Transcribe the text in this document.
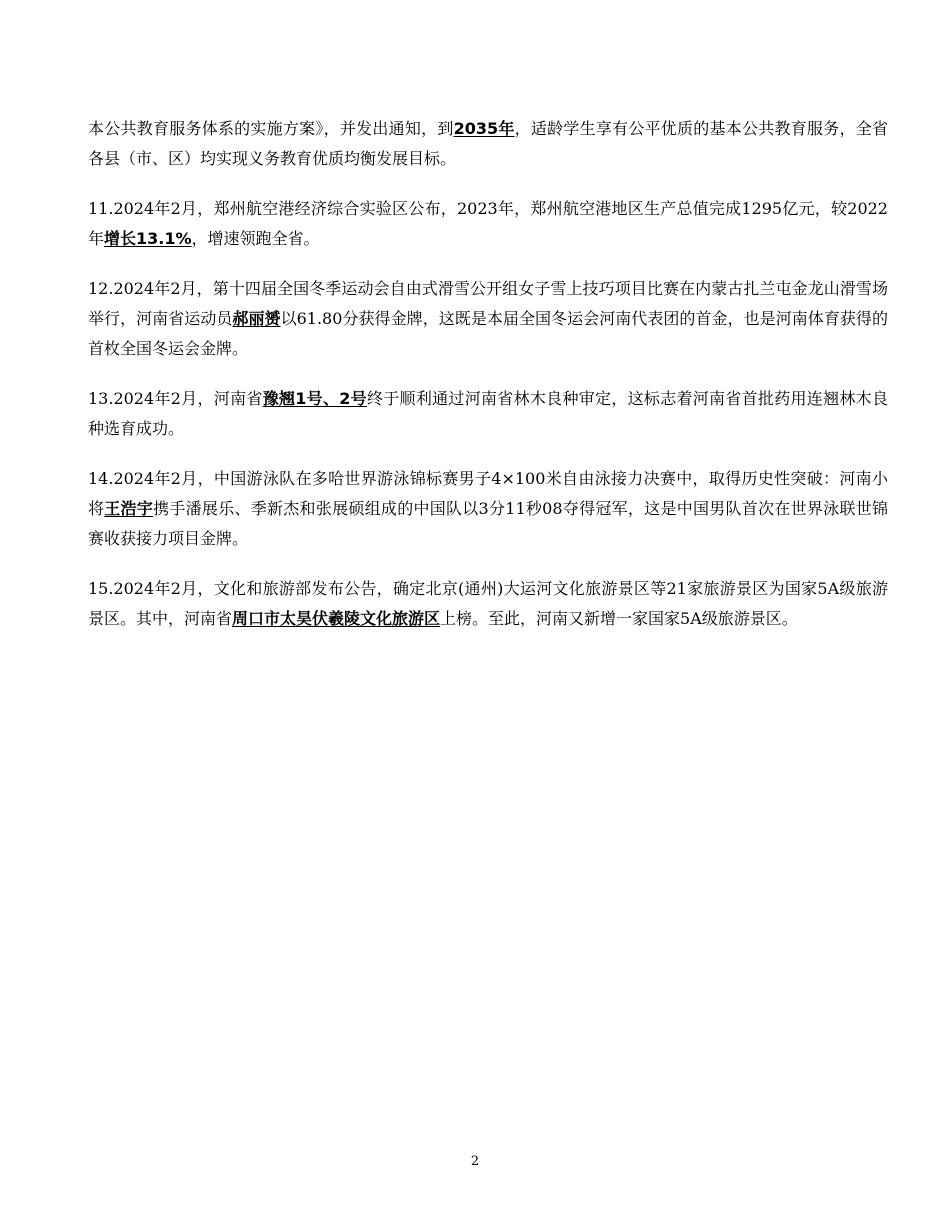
本公共教育服务体系的实施方案》，并发出通知，到2035年，适龄学生享有公平优质的基本公共教育服务，全省各县（市、区）均实现义务教育优质均衡发展目标。

11.2024年2月，郑州航空港经济综合实验区公布，2023年，郑州航空港地区生产总值完成1295亿元，较2022年增长13.1%，增速领跑全省。

12.2024年2月，第十四届全国冬季运动会自由式滑雪公开组女子雪上技巧项目比赛在内蒙古扎兰屯金龙山滑雪场举行，河南省运动员郝丽赟以61.80分获得金牌，这既是本届全国冬运会河南代表团的首金，也是河南体育获得的首枚全国冬运会金牌。

13.2024年2月，河南省豫翘1号、2号终于顺利通过河南省林木良种审定，这标志着河南省首批药用连翘林木良种选育成功。

14.2024年2月，中国游泳队在多哈世界游泳锦标赛男子4×100米自由泳接力决赛中，取得历史性突破：河南小将王浩宇携手潘展乐、季新杰和张展硕组成的中国队以3分11秒08夺得冠军，这是中国男队首次在世界泳联世锦赛收获接力项目金牌。

15.2024年2月，文化和旅游部发布公告，确定北京(通州)大运河文化旅游景区等21家旅游景区为国家5A级旅游景区。其中，河南省周口市太昊伏羲陵文化旅游区上榜。至此，河南又新增一家国家5A级旅游景区。

2
